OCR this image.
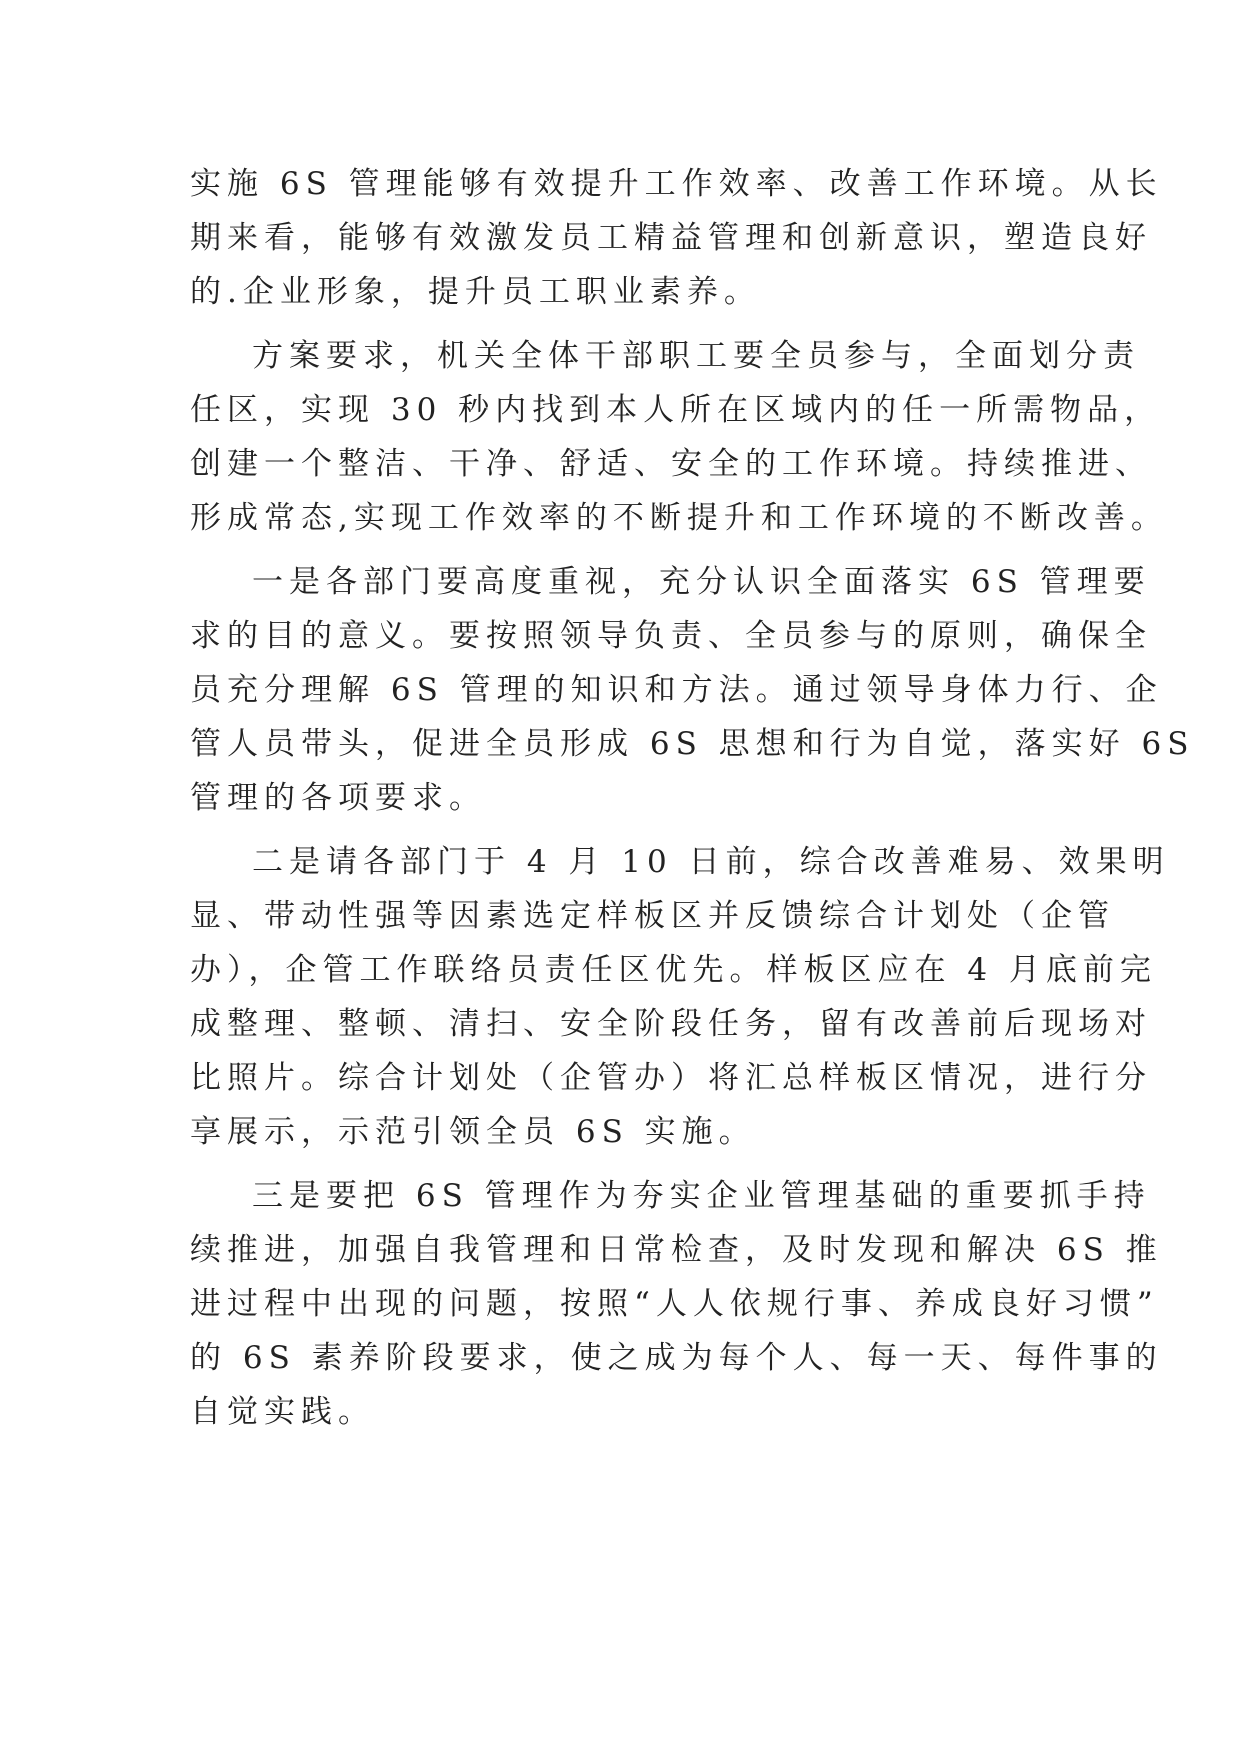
实施 6S 管理能够有效提升工作效率、改善工作环境。从长
期来看，能够有效激发员工精益管理和创新意识，塑造良好
的.企业形象，提升员工职业素养。
方案要求，机关全体干部职工要全员参与，全面划分责
任区，实现 30 秒内找到本人所在区域内的任一所需物品，
创建一个整洁、干净、舒适、安全的工作环境。持续推进、
形成常态,实现工作效率的不断提升和工作环境的不断改善。
一是各部门要高度重视，充分认识全面落实 6S 管理要
求的目的意义。要按照领导负责、全员参与的原则，确保全
员充分理解 6S 管理的知识和方法。通过领导身体力行、企
管人员带头，促进全员形成 6S 思想和行为自觉，落实好 6S
管理的各项要求。
二是请各部门于 4 月 10 日前，综合改善难易、效果明
显、带动性强等因素选定样板区并反馈综合计划处（企管
办），企管工作联络员责任区优先。样板区应在 4 月底前完
成整理、整顿、清扫、安全阶段任务，留有改善前后现场对
比照片。综合计划处（企管办）将汇总样板区情况，进行分
享展示，示范引领全员 6S 实施。
三是要把 6S 管理作为夯实企业管理基础的重要抓手持
续推进，加强自我管理和日常检查，及时发现和解决 6S 推
进过程中出现的问题，按照“人人依规行事、养成良好习惯”
的 6S 素养阶段要求，使之成为每个人、每一天、每件事的
自觉实践。
